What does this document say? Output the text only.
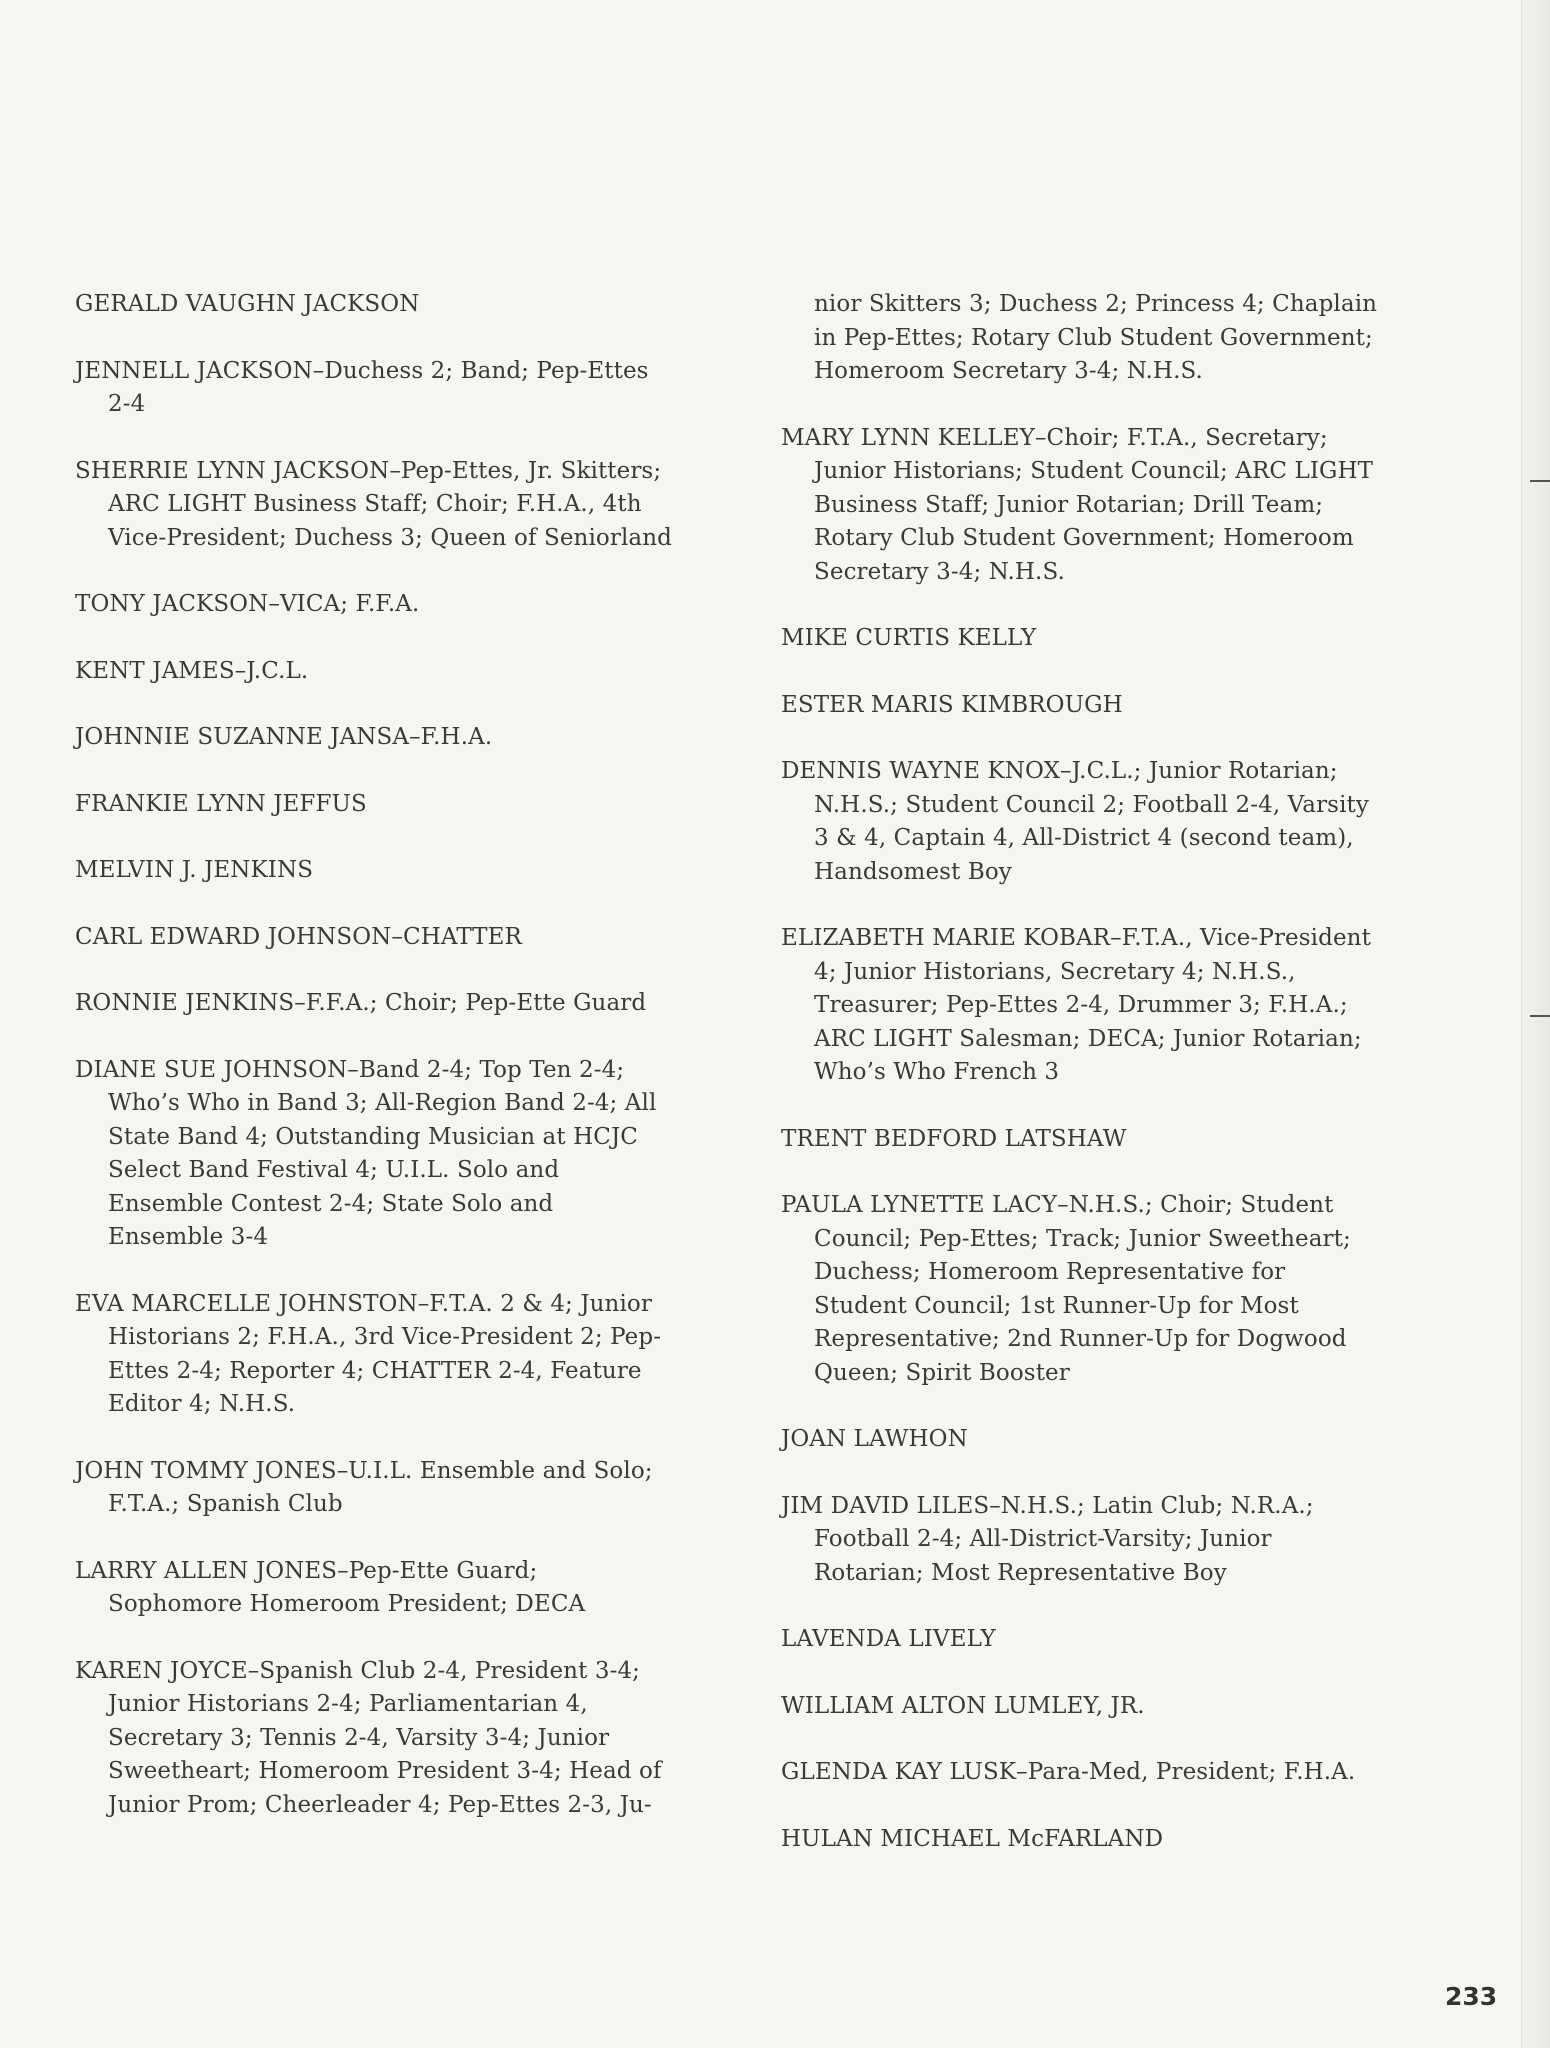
GERALD VAUGHN JACKSON

JENNELL JACKSON–Duchess 2; Band; Pep-Ettes 2-4

SHERRIE LYNN JACKSON–Pep-Ettes, Jr. Skitters; ARC LIGHT Business Staff; Choir; F.H.A., 4th Vice-President; Duchess 3; Queen of Seniorland

TONY JACKSON–VICA; F.F.A.

KENT JAMES–J.C.L.

JOHNNIE SUZANNE JANSA–F.H.A.

FRANKIE LYNN JEFFUS

MELVIN J. JENKINS

CARL EDWARD JOHNSON–CHATTER

RONNIE JENKINS–F.F.A.; Choir; Pep-Ette Guard

DIANE SUE JOHNSON–Band 2-4; Top Ten 2-4; Who’s Who in Band 3; All-Region Band 2-4; All State Band 4; Outstanding Musician at HCJC Select Band Festival 4; U.I.L. Solo and Ensemble Contest 2-4; State Solo and Ensemble 3-4

EVA MARCELLE JOHNSTON–F.T.A. 2 & 4; Junior Historians 2; F.H.A., 3rd Vice-President 2; Pep-Ettes 2-4; Reporter 4; CHATTER 2-4, Feature Editor 4; N.H.S.

JOHN TOMMY JONES–U.I.L. Ensemble and Solo; F.T.A.; Spanish Club

LARRY ALLEN JONES–Pep-Ette Guard; Sophomore Homeroom President; DECA

KAREN JOYCE–Spanish Club 2-4, President 3-4; Junior Historians 2-4; Parliamentarian 4, Secretary 3; Tennis 2-4, Varsity 3-4; Junior Sweetheart; Homeroom President 3-4; Head of Junior Prom; Cheerleader 4; Pep-Ettes 2-3, Ju-

nior Skitters 3; Duchess 2; Princess 4; Chaplain in Pep-Ettes; Rotary Club Student Government; Homeroom Secretary 3-4; N.H.S.

MARY LYNN KELLEY–Choir; F.T.A., Secretary; Junior Historians; Student Council; ARC LIGHT Business Staff; Junior Rotarian; Drill Team; Rotary Club Student Government; Homeroom Secretary 3-4; N.H.S.

MIKE CURTIS KELLY

ESTER MARIS KIMBROUGH

DENNIS WAYNE KNOX–J.C.L.; Junior Rotarian; N.H.S.; Student Council 2; Football 2-4, Varsity 3 & 4, Captain 4, All-District 4 (second team), Handsomest Boy

ELIZABETH MARIE KOBAR–F.T.A., Vice-President 4; Junior Historians, Secretary 4; N.H.S., Treasurer; Pep-Ettes 2-4, Drummer 3; F.H.A.; ARC LIGHT Salesman; DECA; Junior Rotarian; Who’s Who French 3

TRENT BEDFORD LATSHAW

PAULA LYNETTE LACY–N.H.S.; Choir; Student Council; Pep-Ettes; Track; Junior Sweetheart; Duchess; Homeroom Representative for Student Council; 1st Runner-Up for Most Representative; 2nd Runner-Up for Dogwood Queen; Spirit Booster

JOAN LAWHON

JIM DAVID LILES–N.H.S.; Latin Club; N.R.A.; Football 2-4; All-District-Varsity; Junior Rotarian; Most Representative Boy

LAVENDA LIVELY

WILLIAM ALTON LUMLEY, JR.

GLENDA KAY LUSK–Para-Med, President; F.H.A.

HULAN MICHAEL McFARLAND

233
